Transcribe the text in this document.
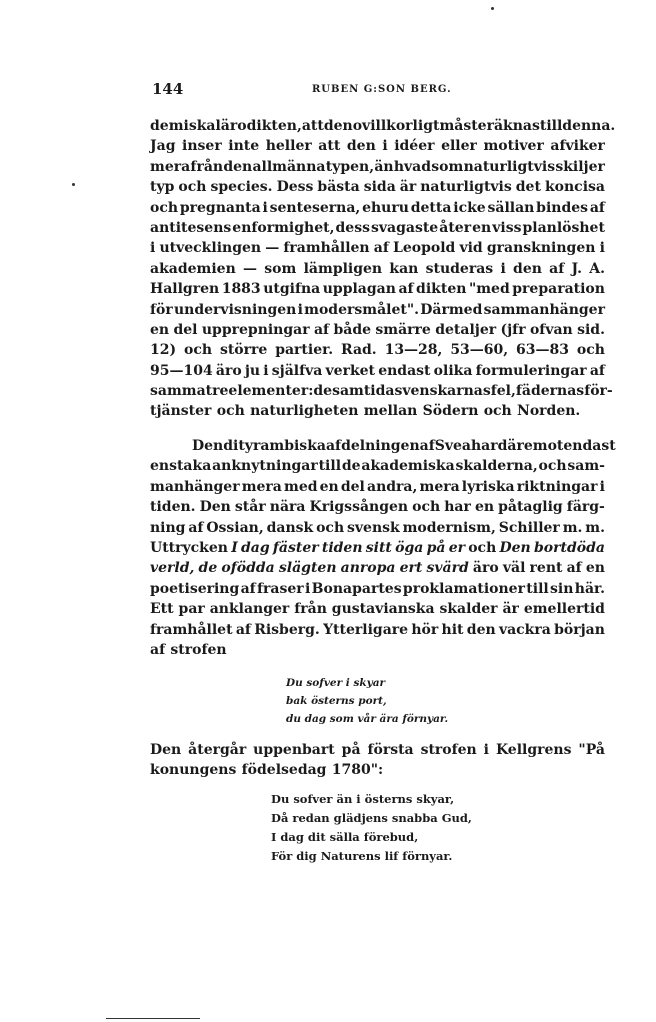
144	RUBEN G:SON BERG.
demiska lärodikten, att den ovillkorligt måste räknas till denna.
Jag inser inte heller att den i idéer eller motiver afviker
mera från den allmänna typen, än hvad som naturligtvis skiljer
typ och species. Dess bästa sida är naturligtvis det koncisa
och pregnanta i senteserna, ehuru detta icke sällan bindes af
antitesens enformighet, dess svagaste åter en viss planlöshet
i utvecklingen — framhållen af Leopold vid granskningen i
akademien — som lämpligen kan studeras i den af J. A.
Hallgren 1883 utgifna upplagan af dikten "med preparation
för undervisningen i modersmålet". Därmed sammanhänger
en del upprepningar af både smärre detaljer (jfr ofvan sid.
12) och större partier. Rad. 13—28, 53—60, 63—83 och
95—104 äro ju i själfva verket endast olika formuleringar af
samma tre elementer: de samtida svenskarnas fel, fädernas för-
tjänster och naturligheten mellan Södern och Norden.
Den dityrambiska afdelningen af Svea har däremot endast
enstaka anknytningar till de akademiska skalderna, och sam-
manhänger mera med en del andra, mera lyriska riktningar i
tiden. Den står nära Krigssången och har en påtaglig färg-
ning af Ossian, dansk och svensk modernism, Schiller m. m.
Uttrycken I dag fäster tiden sitt öga på er och Den bortdöda
verld, de ofödda slägten anropa ert svärd äro väl rent af en
poetisering af fraser i Bonapartes proklamationer till sin här.
Ett par anklanger från gustavianska skalder är emellertid
framhållet af Risberg. Ytterligare hör hit den vackra början
af strofen
Du sofver i skyar
bak österns port,
du dag som vår ära förnyar.
Den återgår uppenbart på första strofen i Kellgrens "På
konungens födelsedag 1780":
Du sofver än i österns skyar,
Då redan glädjens snabba Gud,
I dag dit sälla förebud,
För dig Naturens lif förnyar.
